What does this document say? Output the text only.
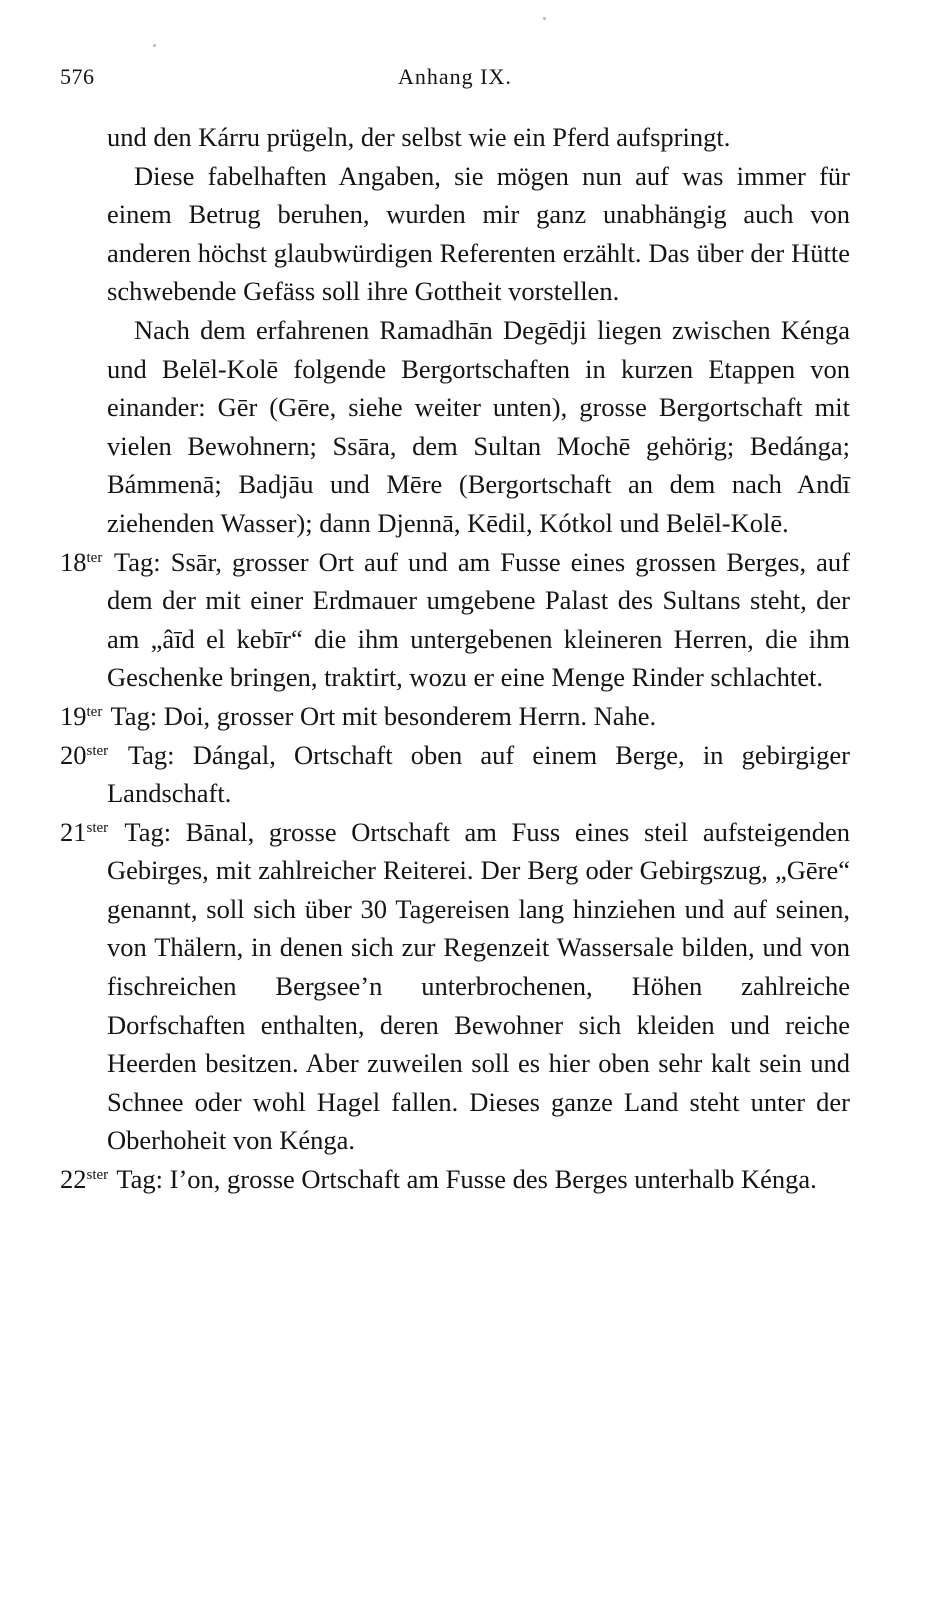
576	Anhang IX.

und den Kárru prügeln, der selbst wie ein Pferd aufspringt.

Diese fabelhaften Angaben, sie mögen nun auf was immer für einem Betrug beruhen, wurden mir ganz unabhängig auch von anderen höchst glaubwürdigen Referenten erzählt. Das über der Hütte schwebende Gefäss soll ihre Gottheit vorstellen.

Nach dem erfahrenen Ramadhān Degēdji liegen zwischen Kénga und Belēl-Kolē folgende Bergortschaften in kurzen Etappen von einander: Gēr (Gēre, siehe weiter unten), grosse Bergortschaft mit vielen Bewohnern; Ssāra, dem Sultan Mochē gehörig; Bedánga; Bámmenā; Badjāu und Mēre (Bergortschaft an dem nach Andī ziehenden Wasser); dann Djennā, Kēdil, Kótkol und Belēl-Kolē.

$18^{ter}$ Tag: Ssār, grosser Ort auf und am Fusse eines grossen Berges, auf dem der mit einer Erdmauer umgebene Palast des Sultans steht, der am „âīd el kebīr“ die ihm untergebenen kleineren Herren, die ihm Geschenke bringen, traktirt, wozu er eine Menge Rinder schlachtet.

$19^{ter}$ Tag: Doi, grosser Ort mit besonderem Herrn. Nahe.

$20^{ster}$ Tag: Dángal, Ortschaft oben auf einem Berge, in gebirgiger Landschaft.

$21^{ster}$ Tag: Bānal, grosse Ortschaft am Fuss eines steil aufsteigenden Gebirges, mit zahlreicher Reiterei. Der Berg oder Gebirgszug, „Gēre“ genannt, soll sich über 30 Tagereisen lang hinziehen und auf seinen, von Thälern, in denen sich zur Regenzeit Wassersale bilden, und von fischreichen Bergsee’n unterbrochenen, Höhen zahlreiche Dorfschaften enthalten, deren Bewohner sich kleiden und reiche Heerden besitzen. Aber zuweilen soll es hier oben sehr kalt sein und Schnee oder wohl Hagel fallen. Dieses ganze Land steht unter der Oberhoheit von Kénga.

$22^{ster}$ Tag: I’on, grosse Ortschaft am Fusse des Berges unterhalb Kénga.
